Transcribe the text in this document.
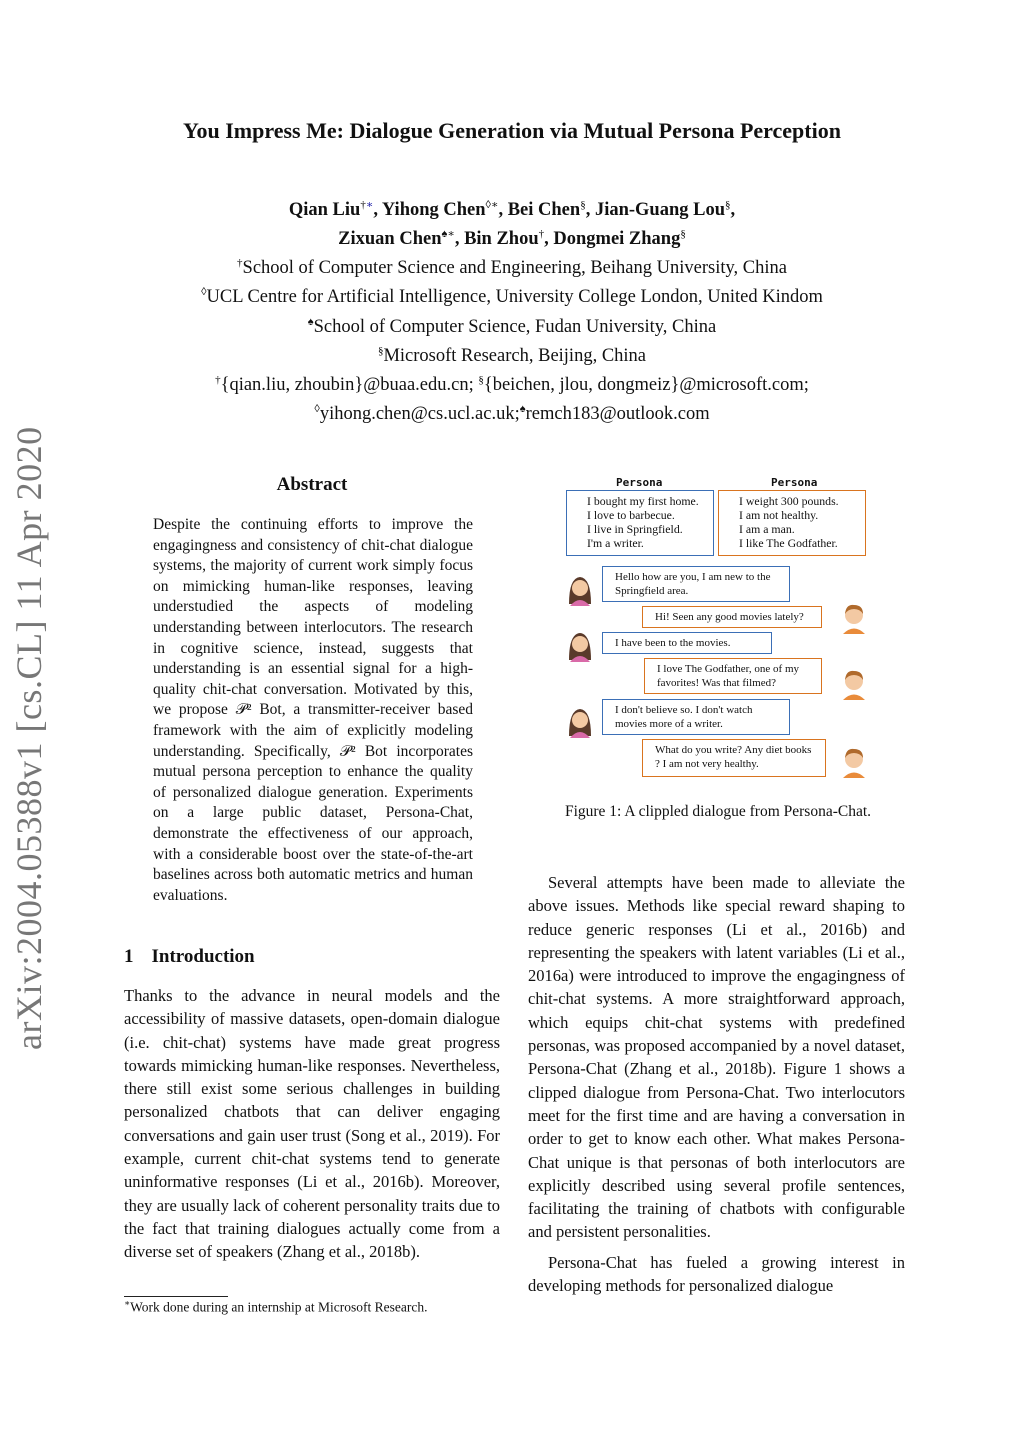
You Impress Me: Dialogue Generation via Mutual Persona Perception
Qian Liu†∗, Yihong Chen◊∗, Bei Chen§, Jian-Guang Lou§,
Zixuan Chen♠∗, Bin Zhou†, Dongmei Zhang§
†School of Computer Science and Engineering, Beihang University, China
◊UCL Centre for Artificial Intelligence, University College London, United Kindom
♠School of Computer Science, Fudan University, China
§Microsoft Research, Beijing, China
†{qian.liu, zhoubin}@buaa.edu.cn; §{beichen, jlou, dongmeiz}@microsoft.com;
◊yihong.chen@cs.ucl.ac.uk;♠remch183@outlook.com
arXiv:2004.05388v1 [cs.CL] 11 Apr 2020	Abstract
Despite the continuing efforts to improve the engagingness and consistency of chit-chat dialogue systems, the majority of current work simply focus on mimicking human-like responses, leaving understudied the aspects of modeling understanding between interlocutors. The research in cognitive science, instead, suggests that understanding is an essential signal for a high-quality chit-chat conversation. Motivated by this, we propose 𝒫² Bot, a transmitter-receiver based framework with the aim of explicitly modeling understanding. Specifically, 𝒫² Bot incorporates mutual persona perception to enhance the quality of personalized dialogue generation. Experiments on a large public dataset, Persona-Chat, demonstrate the effectiveness of our approach, with a considerable boost over the state-of-the-art baselines across both automatic metrics and human evaluations.
1 Introduction

Thanks to the advance in neural models and the accessibility of massive datasets, open-domain dialogue (i.e. chit-chat) systems have made great progress towards mimicking human-like responses. Nevertheless, there still exist some serious challenges in building personalized chatbots that can deliver engaging conversations and gain user trust (Song et al., 2019). For example, current chit-chat systems tend to generate uninformative responses (Li et al., 2016b). Moreover, they are usually lack of coherent personality traits due to the fact that training dialogues actually come from a diverse set of speakers (Zhang et al., 2018b).

∗Work done during an internship at Microsoft Research.
Persona	Persona
I bought my first home.
I love to barbecue.
I live in Springfield.
I'm a writer.
I weight 300 pounds.
I am not healthy.
I am a man.
I like The Godfather.
Hello how are you, I am new to the Springfield area.
Hi! Seen any good movies lately?
I have been to the movies.
I love The Godfather, one of my favorites! Was that filmed?
I don't believe so. I don't watch movies more of a writer.
What do you write? Any diet books ? I am not very healthy.
Figure 1: A clippled dialogue from Persona-Chat.

Several attempts have been made to alleviate the above issues. Methods like special reward shaping to reduce generic responses (Li et al., 2016b) and representing the speakers with latent variables (Li et al., 2016a) were introduced to improve the engagingness of chit-chat systems. A more straightforward approach, which equips chit-chat systems with predefined personas, was proposed accompanied by a novel dataset, Persona-Chat (Zhang et al., 2018b). Figure 1 shows a clipped dialogue from Persona-Chat. Two interlocutors meet for the first time and are having a conversation in order to get to know each other. What makes Persona-Chat unique is that personas of both interlocutors are explicitly described using several profile sentences, facilitating the training of chatbots with configurable and persistent personalities.

Persona-Chat has fueled a growing interest in developing methods for personalized dialogue
